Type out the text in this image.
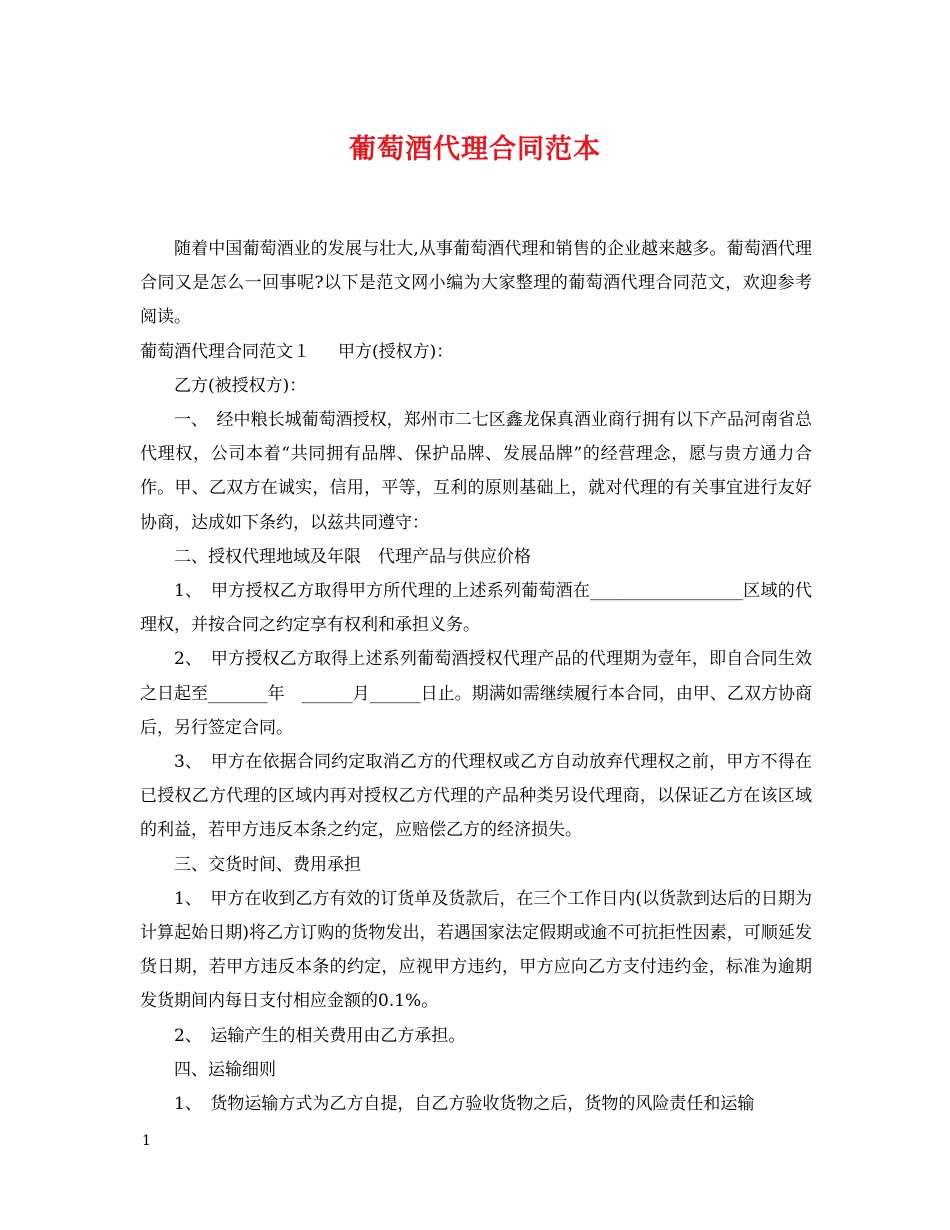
葡萄酒代理合同范本

随着中国葡萄酒业的发展与壮大,从事葡萄酒代理和销售的企业越来越多。葡萄酒代理合同又是怎么一回事呢?以下是范文网小编为大家整理的葡萄酒代理合同范文，欢迎参考阅读。

葡萄酒代理合同范文１ 甲方(授权方)：

乙方(被授权方)：

一、　经中粮长城葡萄酒授权，郑州市二七区鑫龙保真酒业商行拥有以下产品河南省总代理权，公司本着“共同拥有品牌、保护品牌、发展品牌”的经营理念，愿与贵方通力合作。甲、乙双方在诚实，信用，平等，互利的原则基础上，就对代理的有关事宜进行友好协商，达成如下条约，以兹共同遵守：

二、授权代理地域及年限　代理产品与供应价格

1、　甲方授权乙方取得甲方所代理的上述系列葡萄酒在__________________区域的代理权，并按合同之约定享有权利和承担义务。

2、　甲方授权乙方取得上述系列葡萄酒授权代理产品的代理期为壹年，即自合同生效之日起至_______年　______月______日止。期满如需继续履行本合同，由甲、乙双方协商后，另行签定合同。

3、　甲方在依据合同约定取消乙方的代理权或乙方自动放弃代理权之前，甲方不得在已授权乙方代理的区域内再对授权乙方代理的产品种类另设代理商，以保证乙方在该区域的利益，若甲方违反本条之约定，应赔偿乙方的经济损失。

三、交货时间、费用承担

1、　甲方在收到乙方有效的订货单及货款后，在三个工作日内(以货款到达后的日期为计算起始日期)将乙方订购的货物发出，若遇国家法定假期或逾不可抗拒性因素，可顺延发货日期，若甲方违反本条的约定，应视甲方违约，甲方应向乙方支付违约金，标准为逾期发货期间内每日支付相应金额的0.1%。

2、　运输产生的相关费用由乙方承担。

四、运输细则

1、　货物运输方式为乙方自提，自乙方验收货物之后，货物的风险责任和运输

1
